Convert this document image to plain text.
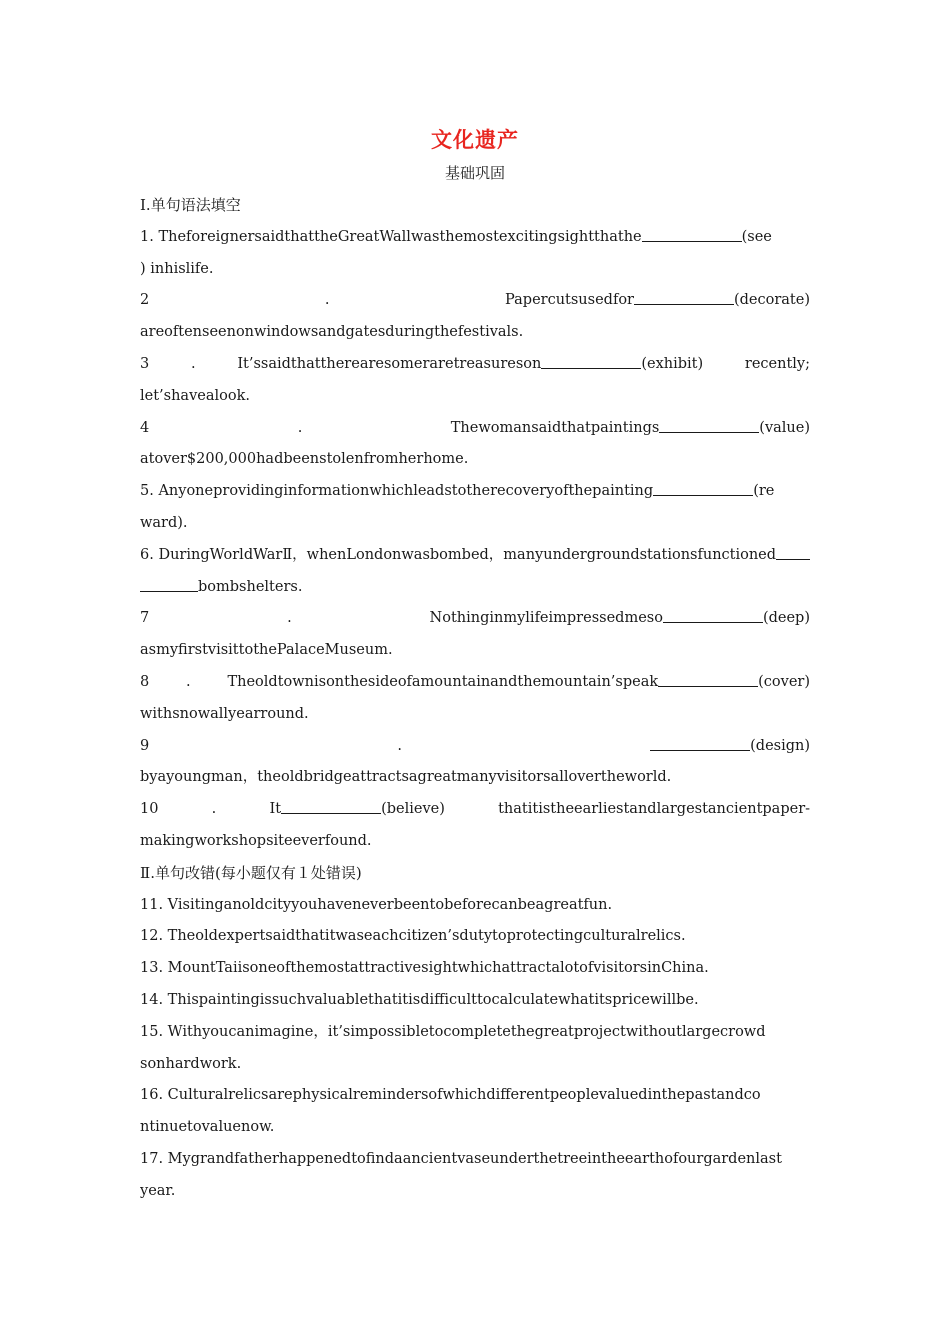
文化遗产
基础巩固
Ⅰ.单句语法填空
1. TheforeignersaidthattheGreatWallwasthemostexcitingsightthathe	(see
) inhislife.
2	.	Papercutsusedfor	(decorate)
areoftenseenonwindowsandgatesduringthefestivals.
3	.	It’ssaidthattherearesomeraretreasureson	(exhibit)	recently;
let’shavealook.
4	.	Thewomansaidthatpaintings	(value)
atover$200,000hadbeenstolenfromherhome.
5. Anyoneprovidinginformationwhichleadstotherecoveryofthepainting	(re
ward).
6. DuringWorldWarⅡ，whenLondonwasbombed，manyundergroundstationsfunctioned
bombshelters.
7	.	Nothinginmylifeimpressedmeso	(deep)
asmyfirstvisittothePalaceMuseum.
8	.	Theoldtownisonthesideofamountainandthemountain’speak	(cover)
withsnowallyearround.
9	.	(design)
byayoungman，theoldbridgeattractsagreatmanyvisitorsallovertheworld.
10	.	It	(believe)	thatitistheearliestandlargestancientpaper-
makingworkshopsiteeverfound.
Ⅱ.单句改错(每小题仅有１处错误)
11. Visitinganoldcityyouhaveneverbeentobeforecanbeagreatfun.
12. Theoldexpertsaidthatitwaseachcitizen’sdutytoprotectingculturalrelics.
13. MountTaiisoneofthemostattractivesightwhichattractalotofvisitorsinChina.
14. Thispaintingissuchvaluablethatitisdifficulttocalculatewhatitspricewillbe.
15. Withyoucanimagine，it’simpossibletocompletethegreatprojectwithoutlargecrowd
sonhardwork.
16. Culturalrelicsarephysicalremindersofwhichdifferentpeoplevaluedinthepastandco
ntinuetovaluenow.
17. Mygrandfatherhappenedtofindaancientvaseunderthetreeintheearthofourgardenlast
year.
